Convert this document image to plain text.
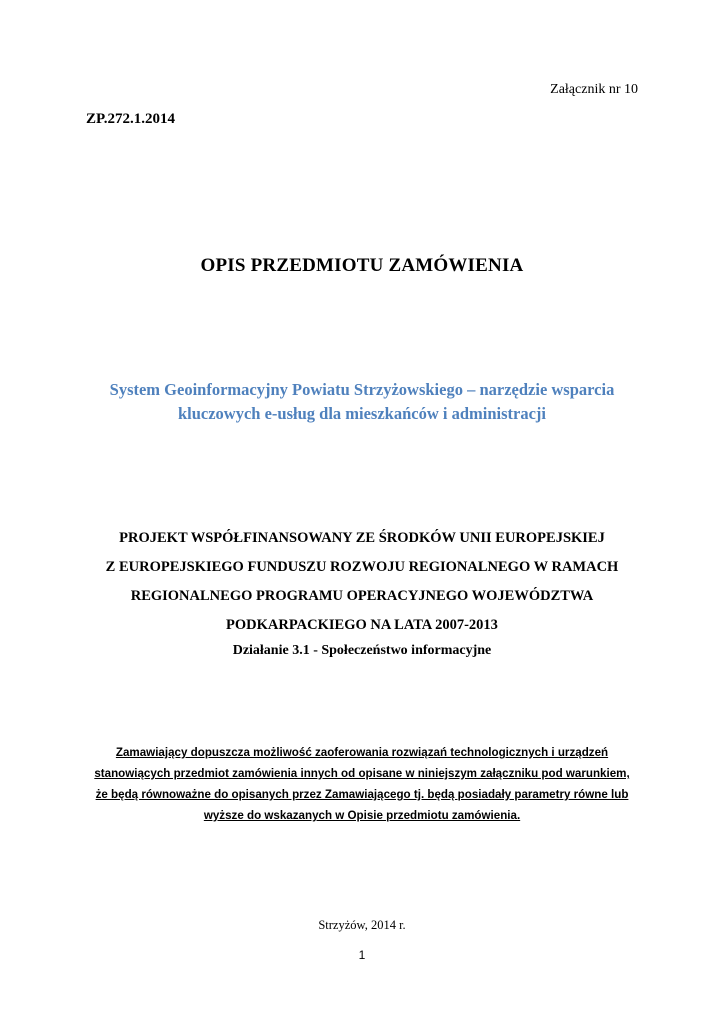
Załącznik nr 10
ZP.272.1.2014
OPIS PRZEDMIOTU ZAMÓWIENIA
System Geoinformacyjny Powiatu Strzyżowskiego – narzędzie wsparcia
kluczowych e-usług dla mieszkańców i administracji
PROJEKT WSPÓŁFINANSOWANY ZE ŚRODKÓW UNII EUROPEJSKIEJ
Z EUROPEJSKIEGO FUNDUSZU ROZWOJU REGIONALNEGO W RAMACH
REGIONALNEGO PROGRAMU OPERACYJNEGO WOJEWÓDZTWA
PODKARPACKIEGO NA LATA 2007-2013
Działanie 3.1 - Społeczeństwo informacyjne
Zamawiający dopuszcza możliwość zaoferowania rozwiązań technologicznych i urządzeń
stanowiących przedmiot zamówienia innych od opisane w niniejszym załączniku pod warunkiem,
że będą równoważne do opisanych przez Zamawiającego tj. będą posiadały parametry równe lub
wyższe do wskazanych w Opisie przedmiotu zamówienia.
Strzyżów, 2014 r.
1
